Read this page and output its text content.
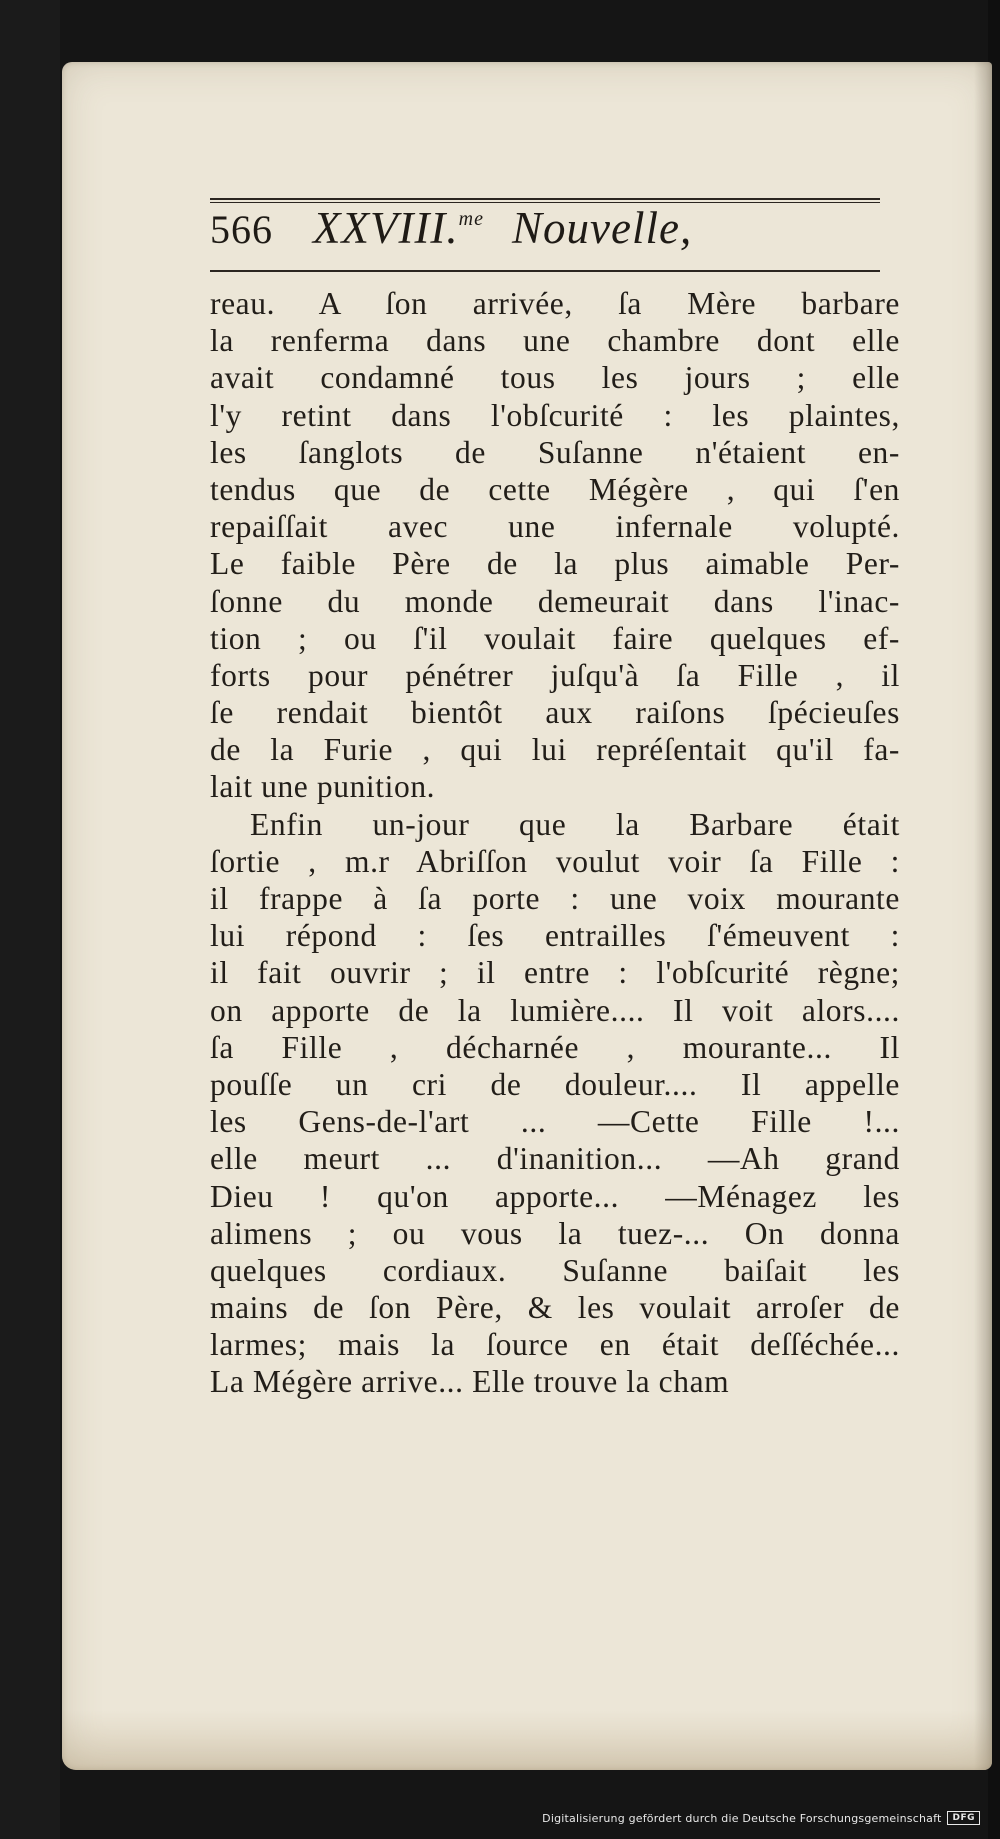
566 XXVIII.$^{me}$ Nouvelle,
reau. A ſon arrivée, ſa Mère barbare
la renferma dans une chambre dont elle
avait condamné tous les jours ; elle
l'y retint dans l'obſcurité : les plaintes,
les ſanglots de Suſanne n'étaient en-
tendus que de cette Mégère , qui ſ'en
repaiſſait avec une infernale volupté.
Le faible Père de la plus aimable Per-
ſonne du monde demeurait dans l'inac-
tion ; ou ſ'il voulait faire quelques ef-
forts pour pénétrer juſqu'à ſa Fille , il
ſe rendait bientôt aux raiſons ſpécieuſes
de la Furie , qui lui repréſentait qu'il fa-
lait une punition.
Enfin un-jour que la Barbare était
ſortie , m.r Abriſſon voulut voir ſa Fille :
il frappe à ſa porte : une voix mourante
lui répond : ſes entrailles ſ'émeuvent :
il fait ouvrir ; il entre : l'obſcurité règne;
on apporte de la lumière.... Il voit alors....
ſa Fille , décharnée , mourante... Il
pouſſe un cri de douleur.... Il appelle
les Gens-de-l'art ... —Cette Fille !...
elle meurt ... d'inanition... —Ah grand
Dieu ! qu'on apporte... —Ménagez les
alimens ; ou vous la tuez-... On donna
quelques cordiaux. Suſanne baiſait les
mains de ſon Père, & les voulait arroſer de
larmes; mais la ſource en était deſſéchée...
La Mégère arrive... Elle trouve la cham
Digitalisierung gefördert durch die Deutsche Forschungsgemeinschaft	DFG
